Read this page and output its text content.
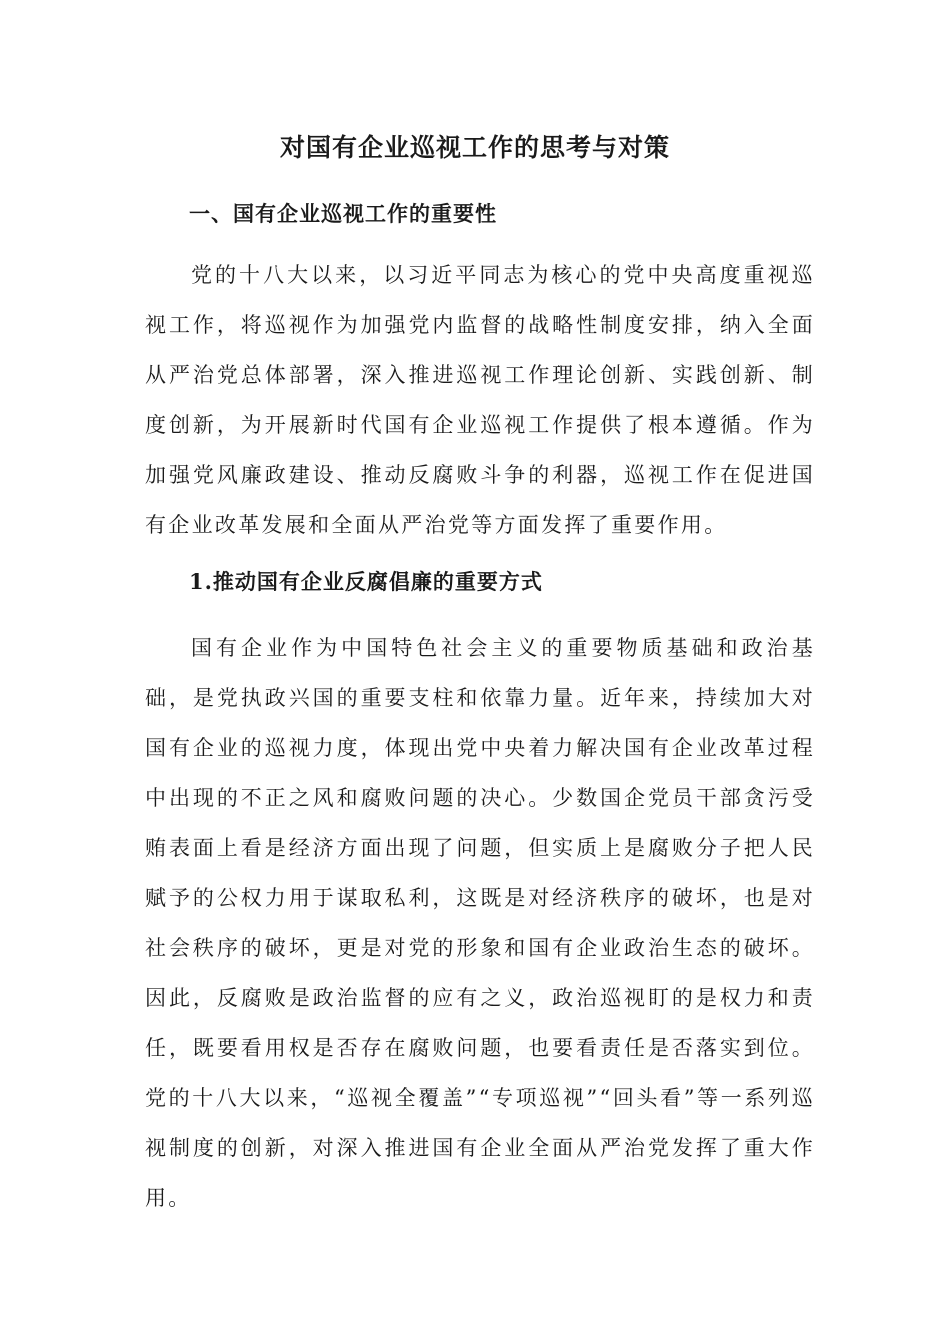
对国有企业巡视工作的思考与对策
一、国有企业巡视工作的重要性

党的十八大以来，以习近平同志为核心的党中央高度重视巡视工作，将巡视作为加强党内监督的战略性制度安排，纳入全面从严治党总体部署，深入推进巡视工作理论创新、实践创新、制度创新，为开展新时代国有企业巡视工作提供了根本遵循。作为加强党风廉政建设、推动反腐败斗争的利器，巡视工作在促进国有企业改革发展和全面从严治党等方面发挥了重要作用。

1.推动国有企业反腐倡廉的重要方式

国有企业作为中国特色社会主义的重要物质基础和政治基础，是党执政兴国的重要支柱和依靠力量。近年来，持续加大对国有企业的巡视力度，体现出党中央着力解决国有企业改革过程中出现的不正之风和腐败问题的决心。少数国企党员干部贪污受贿表面上看是经济方面出现了问题，但实质上是腐败分子把人民赋予的公权力用于谋取私利，这既是对经济秩序的破坏，也是对社会秩序的破坏，更是对党的形象和国有企业政治生态的破坏。因此，反腐败是政治监督的应有之义，政治巡视盯的是权力和责任，既要看用权是否存在腐败问题，也要看责任是否落实到位。党的十八大以来，“巡视全覆盖”“专项巡视”“回头看”等一系列巡视制度的创新，对深入推进国有企业全面从严治党发挥了重大作用。
